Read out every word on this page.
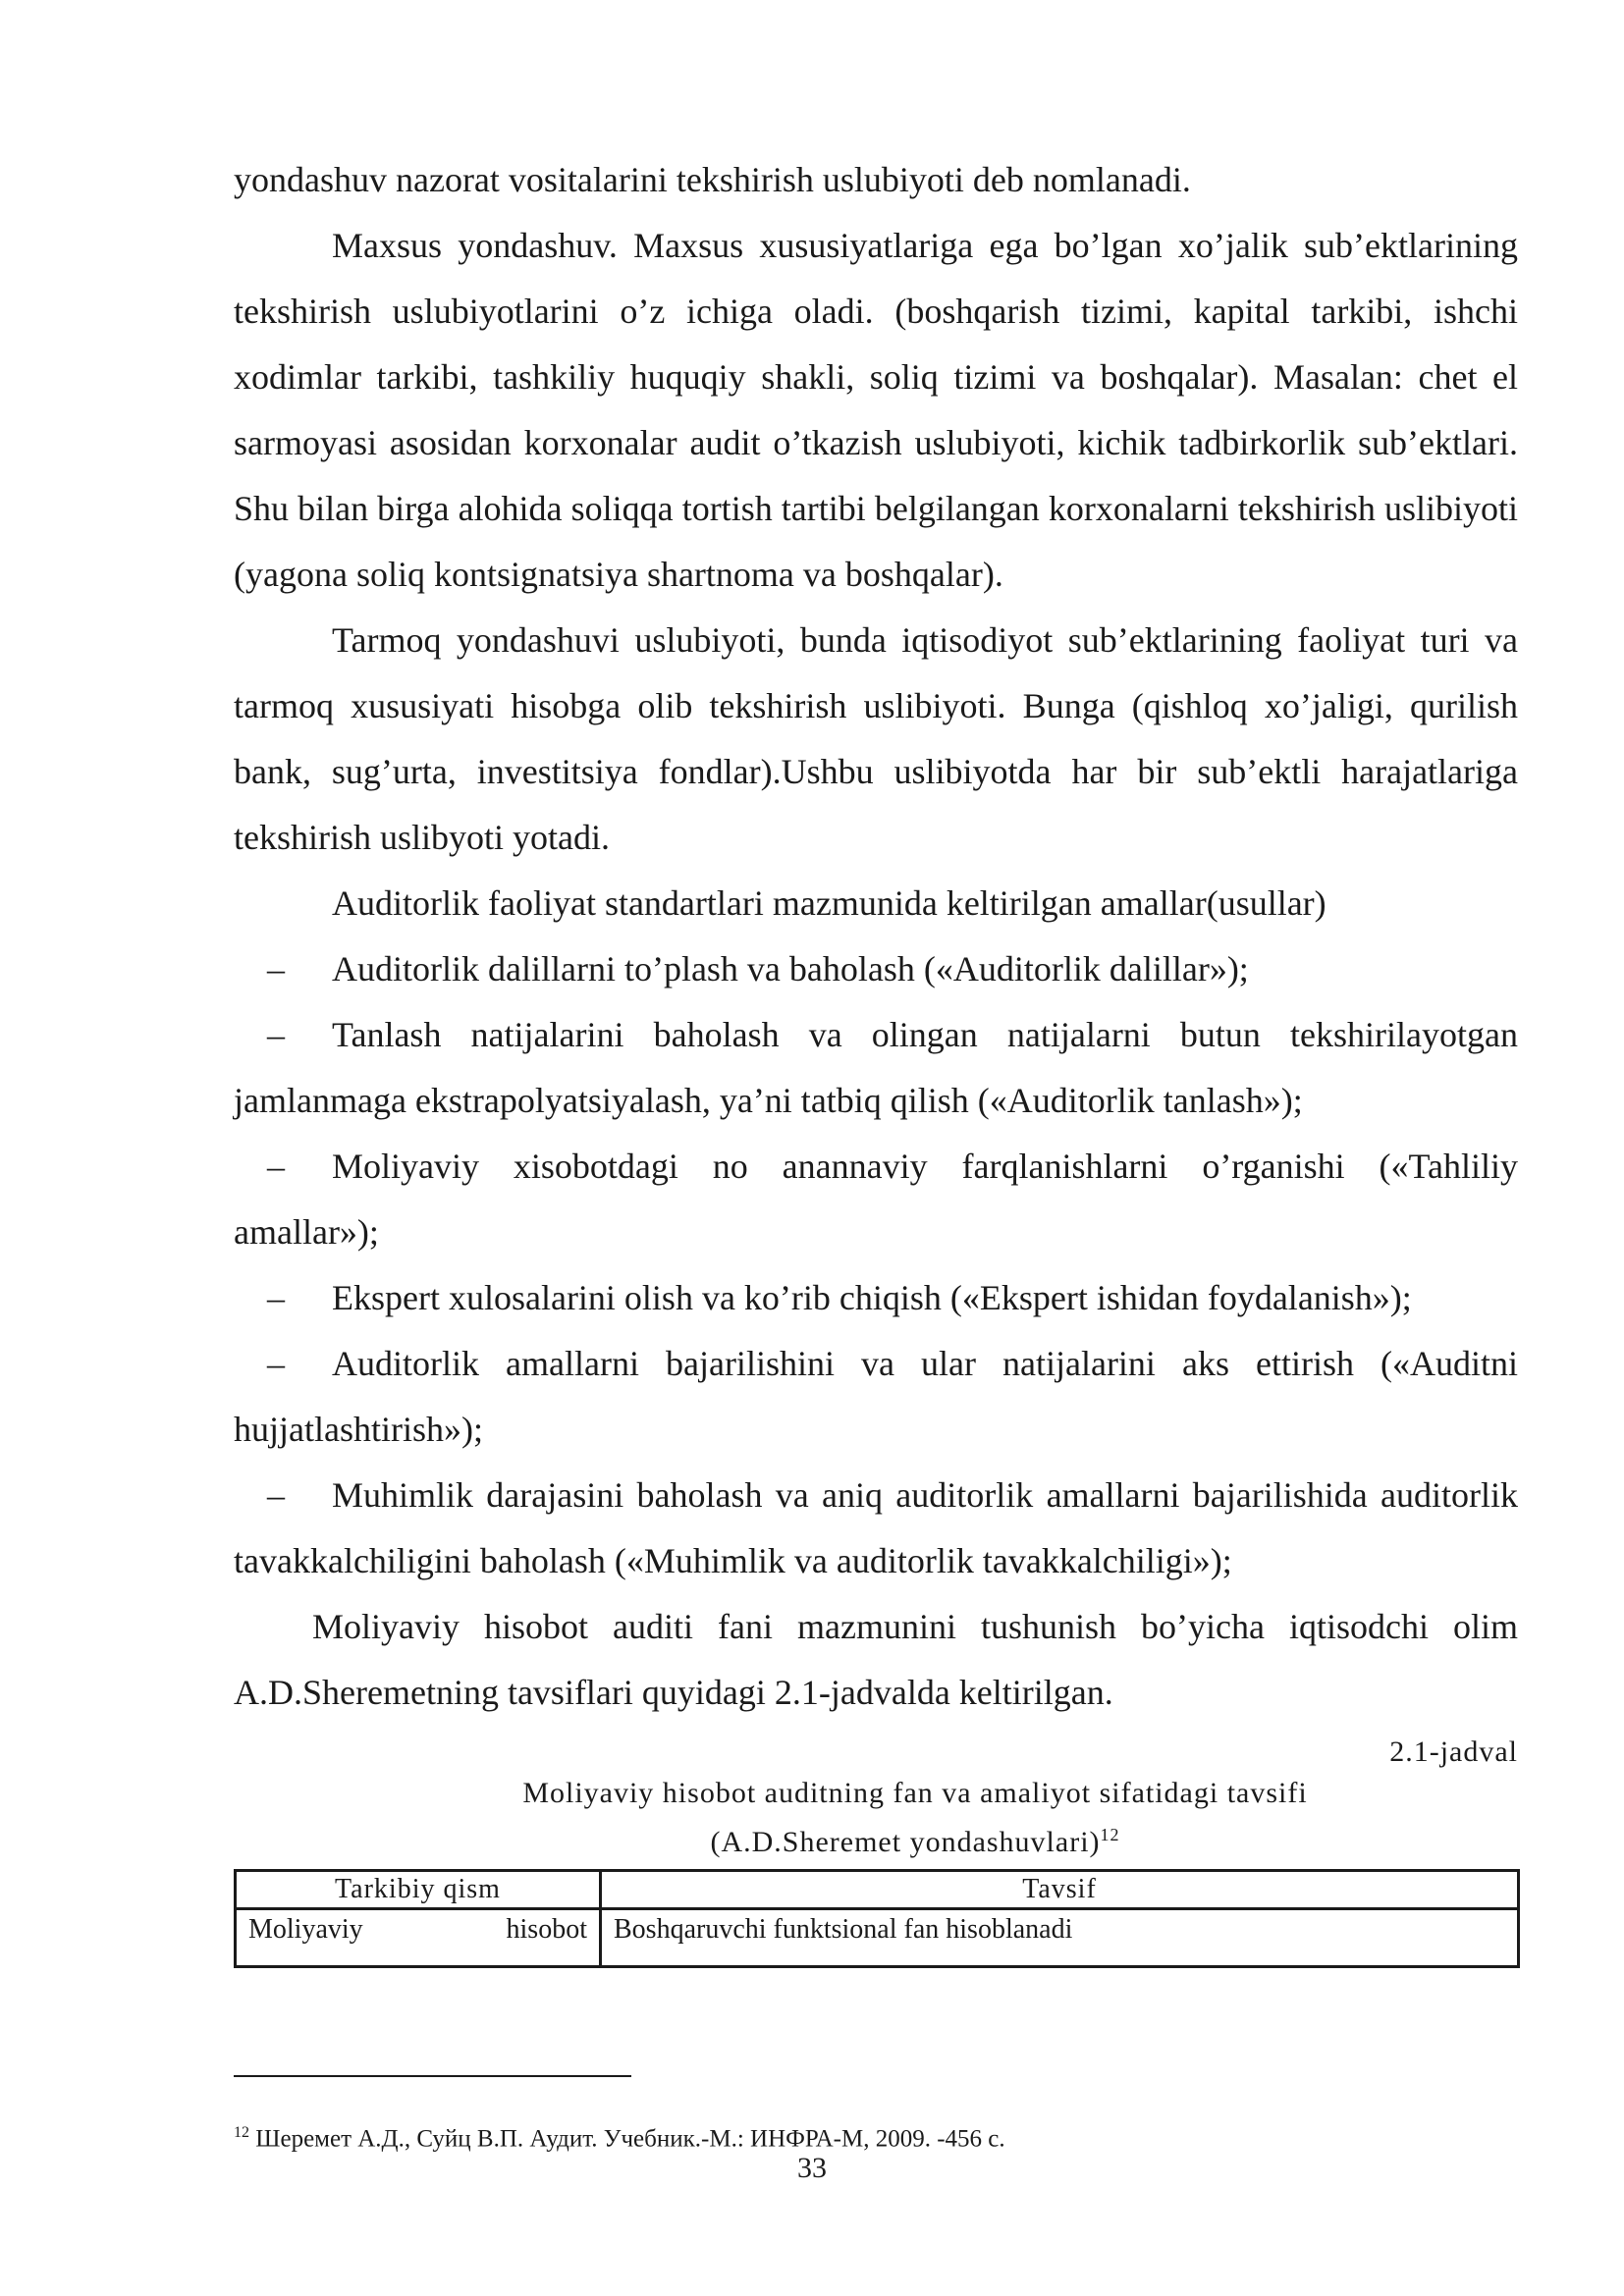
yondashuv nazorat vositalarini tekshirish uslubiyoti deb nomlanadi.

Maxsus yondashuv. Maxsus xususiyatlariga ega bo’lgan xo’jalik sub’ektlarining tekshirish uslubiyotlarini o’z ichiga oladi. (boshqarish tizimi, kapital tarkibi, ishchi xodimlar tarkibi, tashkiliy huquqiy shakli, soliq tizimi va boshqalar). Masalan: chet el sarmoyasi asosidan korxonalar audit o’tkazish uslubiyoti, kichik tadbirkorlik sub’ektlari. Shu bilan birga alohida soliqqa tortish tartibi belgilangan korxonalarni tekshirish uslibiyoti (yagona soliq kontsignatsiya shartnoma va boshqalar).

Tarmoq yondashuvi uslubiyoti, bunda iqtisodiyot sub’ektlarining faoliyat turi va tarmoq xususiyati hisobga olib tekshirish uslibiyoti. Bunga (qishloq xo’jaligi, qurilish bank, sug’urta, investitsiya fondlar).Ushbu uslibiyotda har bir sub’ektli harajatlariga tekshirish uslibyoti yotadi.

Auditorlik faoliyat standartlari mazmunida keltirilgan amallar(usullar)

– Auditorlik dalillarni to’plash va baholash («Auditorlik dalillar»);

– Tanlash natijalarini baholash va olingan natijalarni butun tekshirilayotgan jamlanmaga ekstrapolyatsiyalash, ya’ni tatbiq qilish («Auditorlik tanlash»);

– Moliyaviy xisobotdagi no anannaviy farqlanishlarni o’rganishi («Tahliliy amallar»);

– Ekspert xulosalarini olish va ko’rib chiqish («Ekspert ishidan foydalanish»);

– Auditorlik amallarni bajarilishini va ular natijalarini aks ettirish («Auditni hujjatlashtirish»);

– Muhimlik darajasini baholash va aniq auditorlik amallarni bajarilishida auditorlik tavakkalchiligini baholash («Muhimlik va auditorlik tavakkalchiligi»);

Moliyaviy hisobot auditi fani mazmunini tushunish bo’yicha iqtisodchi olim A.D.Sheremetning tavsiflari quyidagi 2.1-jadvalda keltirilgan.

2.1-jadval
Moliyaviy hisobot auditning fan va amaliyot sifatidagi tavsifi
(A.D.Sheremet yondashuvlari)$^{12}$
Tarkibiy qism	Tavsif

Moliyaviy hisobot	Boshqaruvchi funktsional fan hisoblanadi
$^{12}$ Шеремет А.Д., Суйц В.П. Аудит. Учебник.-М.: ИНФРА-М, 2009. -456 с.
33
